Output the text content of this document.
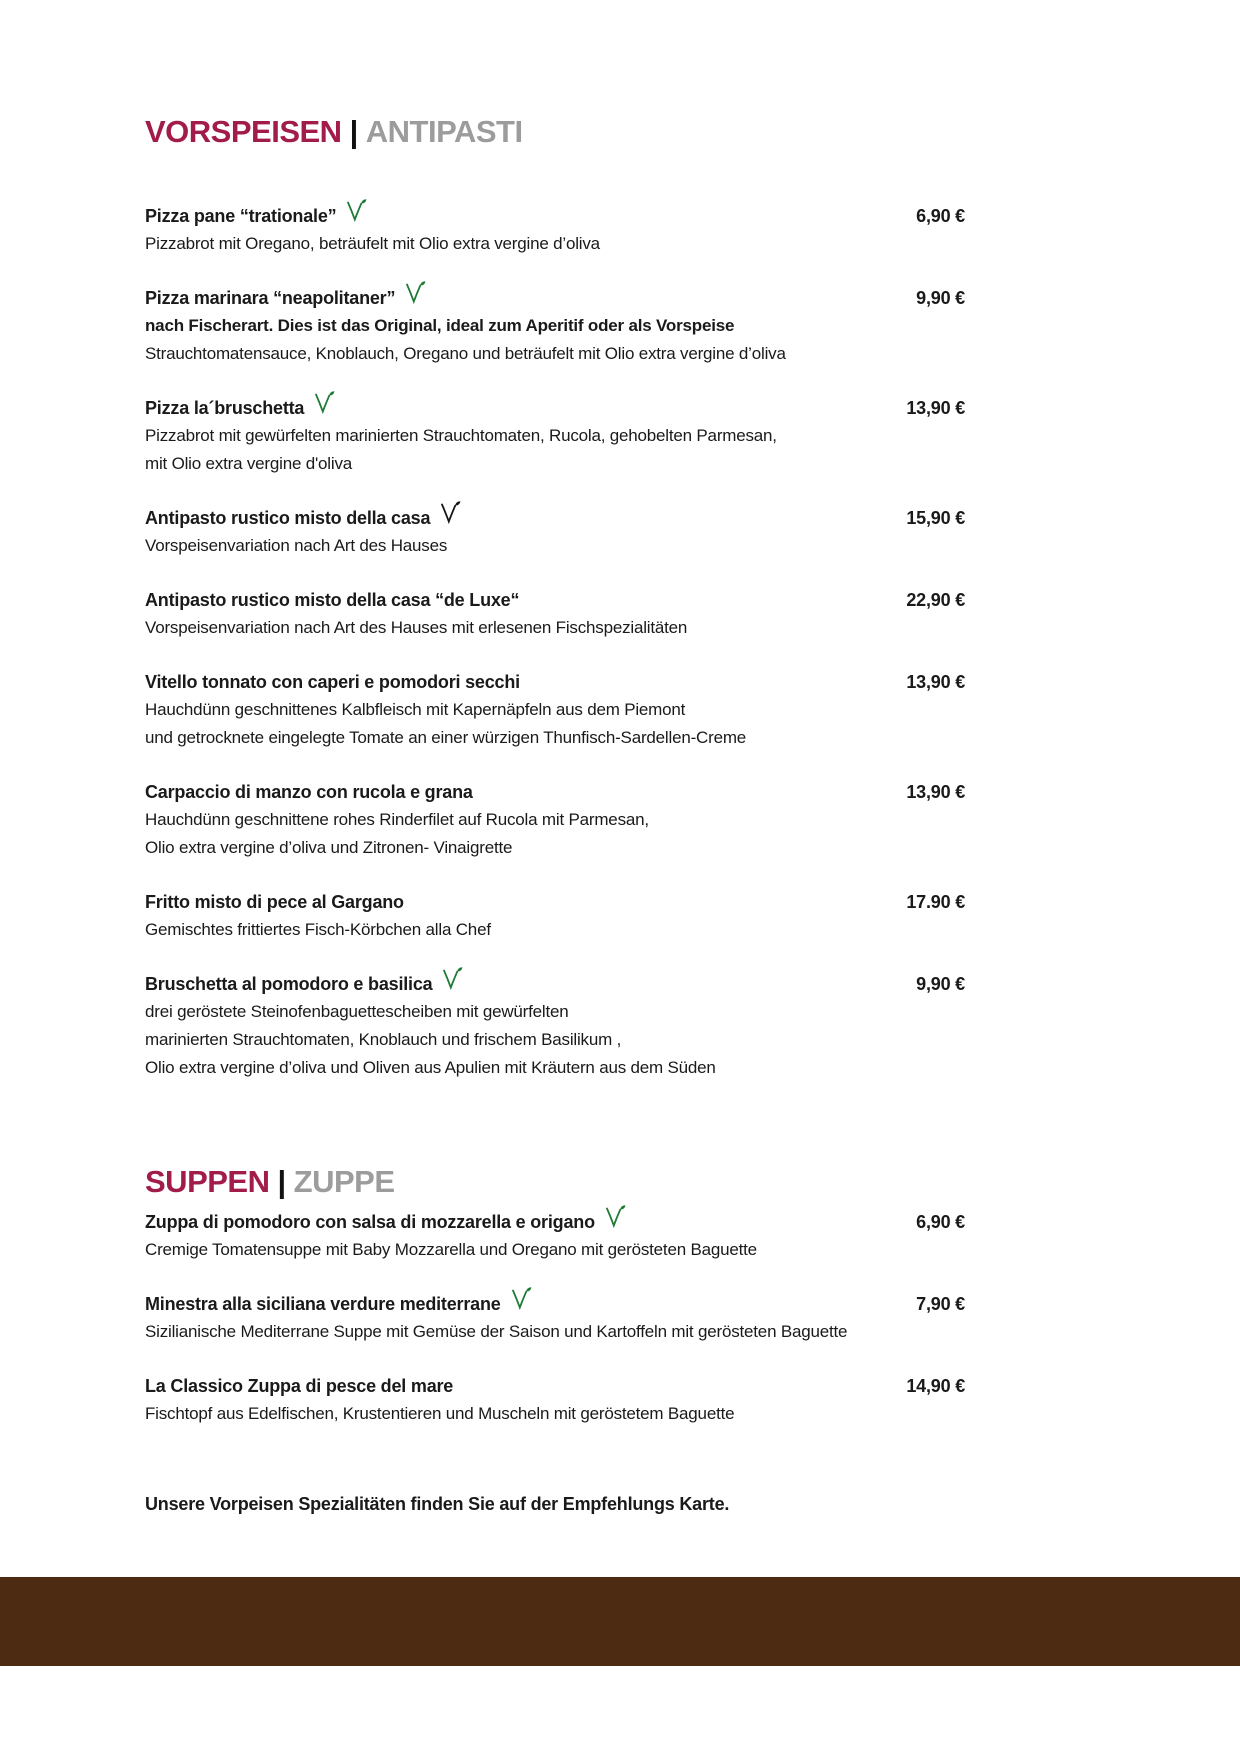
VORSPEISEN | ANTIPASTI
Pizza pane “trationale”	6,90 €
Pizzabrot mit Oregano, beträufelt mit Olio extra vergine d’oliva
Pizza marinara “neapolitaner”	9,90 €
nach Fischerart. Dies ist das Original, ideal zum Aperitif oder als Vorspeise
Strauchtomatensauce, Knoblauch, Oregano und beträufelt mit Olio extra vergine d’oliva
Pizza la´bruschetta	13,90 €
Pizzabrot mit gewürfelten marinierten Strauchtomaten, Rucola, gehobelten Parmesan,
mit Olio extra vergine d'oliva
Antipasto rustico misto della casa	15,90 €
Vorspeisenvariation nach Art des Hauses
Antipasto rustico misto della casa “de Luxe“	22,90 €
Vorspeisenvariation nach Art des Hauses mit erlesenen Fischspezialitäten
Vitello tonnato con caperi e pomodori secchi	13,90 €
Hauchdünn geschnittenes Kalbfleisch mit Kapernäpfeln aus dem Piemont
und getrocknete eingelegte Tomate an einer würzigen Thunfisch-Sardellen-Creme
Carpaccio di manzo con rucola e grana	13,90 €
Hauchdünn geschnittene rohes Rinderfilet auf Rucola mit Parmesan,
Olio extra vergine d’oliva und Zitronen- Vinaigrette
Fritto misto di pece al Gargano	17.90 €
Gemischtes frittiertes Fisch-Körbchen alla Chef
Bruschetta al pomodoro e basilica	9,90 €
drei geröstete Steinofenbaguettescheiben mit gewürfelten
marinierten Strauchtomaten, Knoblauch und frischem Basilikum ,
Olio extra vergine d’oliva und Oliven aus Apulien mit Kräutern aus dem Süden
SUPPEN | ZUPPE
Zuppa di pomodoro con salsa di mozzarella e origano	6,90 €
Cremige Tomatensuppe mit Baby Mozzarella und Oregano mit gerösteten Baguette
Minestra alla siciliana verdure mediterrane	7,90 €
Sizilianische Mediterrane Suppe mit Gemüse der Saison und Kartoffeln mit gerösteten Baguette
La Classico Zuppa di pesce del mare	14,90 €
Fischtopf aus Edelfischen, Krustentieren und Muscheln mit geröstetem Baguette
Unsere Vorpeisen Spezialitäten finden Sie auf der Empfehlungs Karte.
